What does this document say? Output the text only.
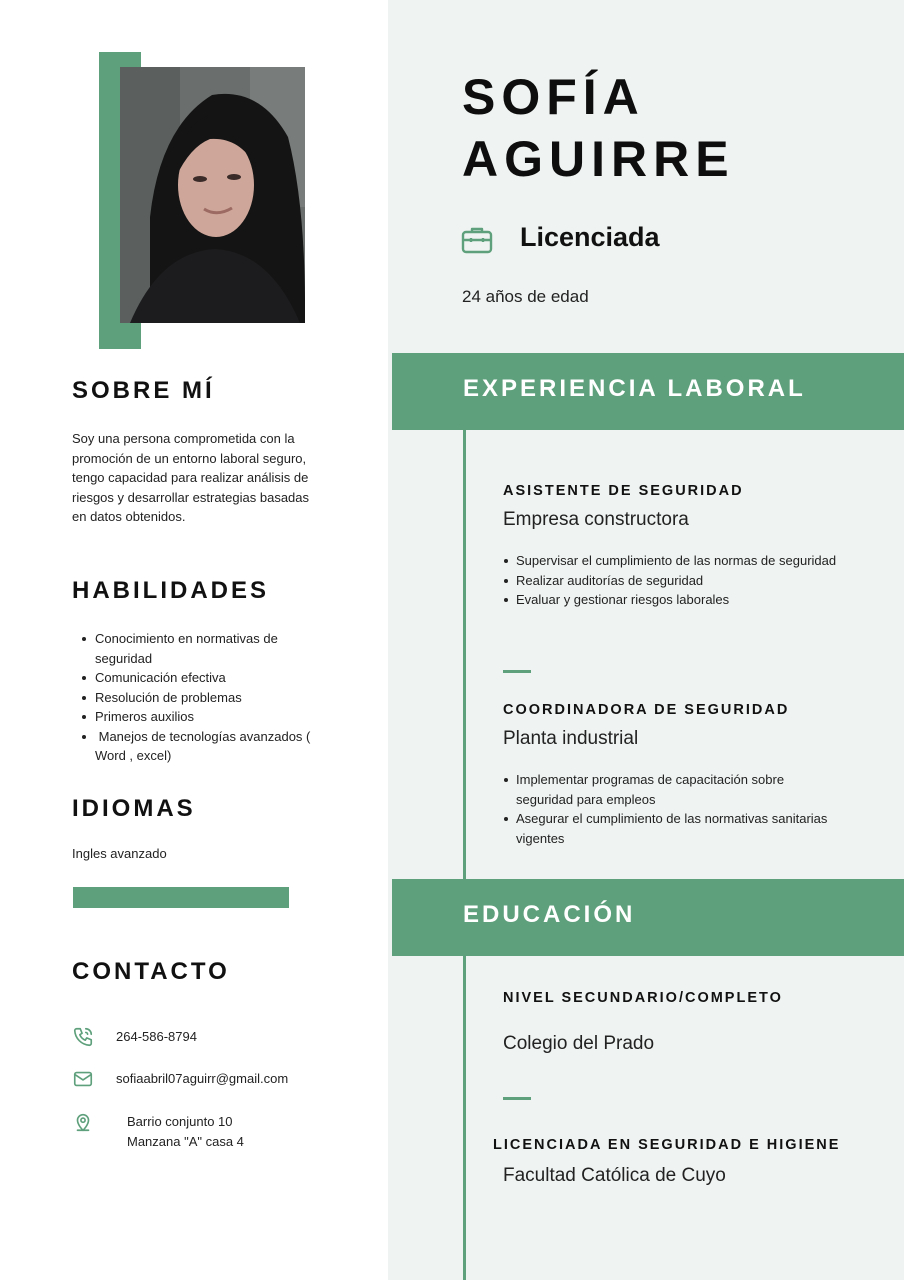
SOBRE MÍ

Soy una persona comprometida con la promoción de un entorno laboral seguro, tengo capacidad para realizar análisis de riesgos y desarrollar estrategias basadas en datos obtenidos.

HABILIDADES
Conocimiento en normativas de seguridad
Comunicación efectiva
Resolución de problemas
Primeros auxilios
Manejos de tecnologías avanzados ( Word , excel)
IDIOMAS
Ingles avanzado
CONTACTO
264-586-8794
sofiaabril07aguirr@gmail.com
Barrio conjunto 10
Manzana "A" casa 4
SOFÍA
AGUIRRE
Licenciada
24 años de edad
EXPERIENCIA LABORAL
ASISTENTE DE SEGURIDAD
Empresa constructora
Supervisar el cumplimiento de las normas de seguridad
Realizar auditorías de seguridad
Evaluar y gestionar riesgos laborales
COORDINADORA DE SEGURIDAD
Planta industrial
Implementar programas de capacitación sobre seguridad para empleos
Asegurar el cumplimiento de las normativas sanitarias vigentes
EDUCACIÓN
NIVEL SECUNDARIO/COMPLETO
Colegio del Prado
LICENCIADA EN SEGURIDAD E HIGIENE
Facultad Católica de Cuyo
